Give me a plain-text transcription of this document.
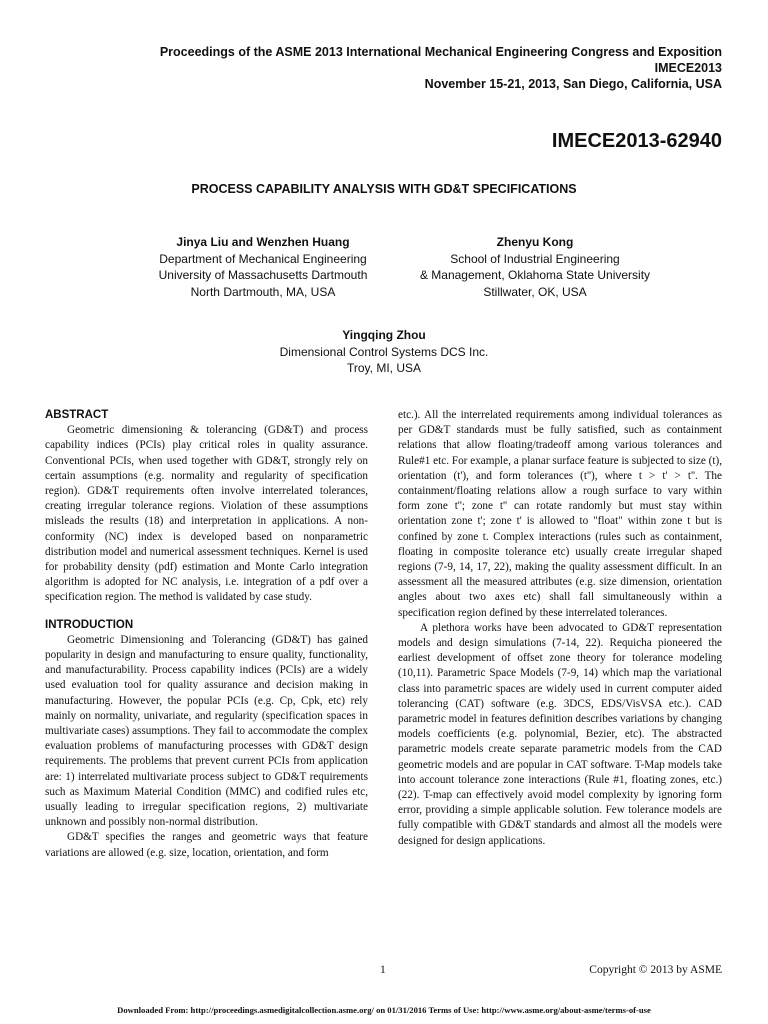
Proceedings of the ASME 2013 International Mechanical Engineering Congress and Exposition
IMECE2013
November 15-21, 2013, San Diego, California, USA
IMECE2013-62940
PROCESS CAPABILITY ANALYSIS WITH GD&T SPECIFICATIONS
Jinya Liu and Wenzhen Huang
Department of Mechanical Engineering
University of Massachusetts Dartmouth
North Dartmouth, MA, USA
Zhenyu Kong
School of Industrial Engineering
& Management, Oklahoma State University
Stillwater, OK, USA
Yingqing Zhou
Dimensional Control Systems DCS Inc.
Troy, MI, USA
ABSTRACT

Geometric dimensioning & tolerancing (GD&T) and process capability indices (PCIs) play critical roles in quality assurance. Conventional PCIs, when used together with GD&T, strongly rely on certain assumptions (e.g. normality and regularity of specification region). GD&T requirements often involve interrelated tolerances, creating irregular tolerance regions. Violation of these assumptions misleads the results (18) and interpretation in applications. A non-conformity (NC) index is developed based on nonparametric distribution model and numerical assessment techniques. Kernel is used for probability density (pdf) estimation and Monte Carlo integration algorithm is adopted for NC analysis, i.e. integration of a pdf over a specification region. The method is validated by case study.

INTRODUCTION

Geometric Dimensioning and Tolerancing (GD&T) has gained popularity in design and manufacturing to ensure quality, functionality, and manufacturability. Process capability indices (PCIs) are a widely used evaluation tool for quality assurance and decision making in manufacturing. However, the popular PCIs (e.g. Cp, Cpk, etc) rely mainly on normality, univariate, and regularity (specification spaces in multivariate cases) assumptions. They fail to accommodate the complex evaluation problems of manufacturing processes with GD&T design requirements. The problems that prevent current PCIs from application are: 1) interrelated multivariate process subject to GD&T requirements such as Maximum Material Condition (MMC) and codified rules etc, usually leading to irregular specification regions, 2) multivariate unknown and possibly non-normal distribution.

GD&T specifies the ranges and geometric ways that feature variations are allowed (e.g. size, location, orientation, and form

etc.). All the interrelated requirements among individual tolerances as per GD&T standards must be fully satisfied, such as containment relations that allow floating/tradeoff among various tolerances and Rule#1 etc. For example, a planar surface feature is subjected to size (t), orientation (t'), and form tolerances (t''), where t > t' > t''. The containment/floating relations allow a rough surface to vary within form zone t''; zone t'' can rotate randomly but must stay within orientation zone t'; zone t' is allowed to "float" within zone t but is confined by zone t. Complex interactions (rules such as containment, floating in composite tolerance etc) usually create irregular shaped regions (7-9, 14, 17, 22), making the quality assessment difficult. In an assessment all the measured attributes (e.g. size dimension, orientation angles about two axes etc) shall fall simultaneously within a specification region defined by these interrelated tolerances.

A plethora works have been advocated to GD&T representation models and design simulations (7-14, 22). Requicha pioneered the earliest development of offset zone theory for tolerance modeling (10,11). Parametric Space Models (7-9, 14) which map the variational class into parametric spaces are widely used in current computer aided tolerancing (CAT) software (e.g. 3DCS, EDS/VisVSA etc.). CAD parametric model in features definition describes variations by changing models coefficients (e.g. polynomial, Bezier, etc). The abstracted parametric models create separate parametric models from the CAD geometric models and are popular in CAT software. T-Map models take into account tolerance zone interactions (Rule #1, floating zones, etc.) (22). T-map can effectively avoid model complexity by ignoring form error, providing a simple applicable solution. Few tolerance models are fully compatible with GD&T standards and almost all the models were designed for design applications.

1	Copyright © 2013 by ASME
Downloaded From: http://proceedings.asmedigitalcollection.asme.org/ on 01/31/2016 Terms of Use: http://www.asme.org/about-asme/terms-of-use
